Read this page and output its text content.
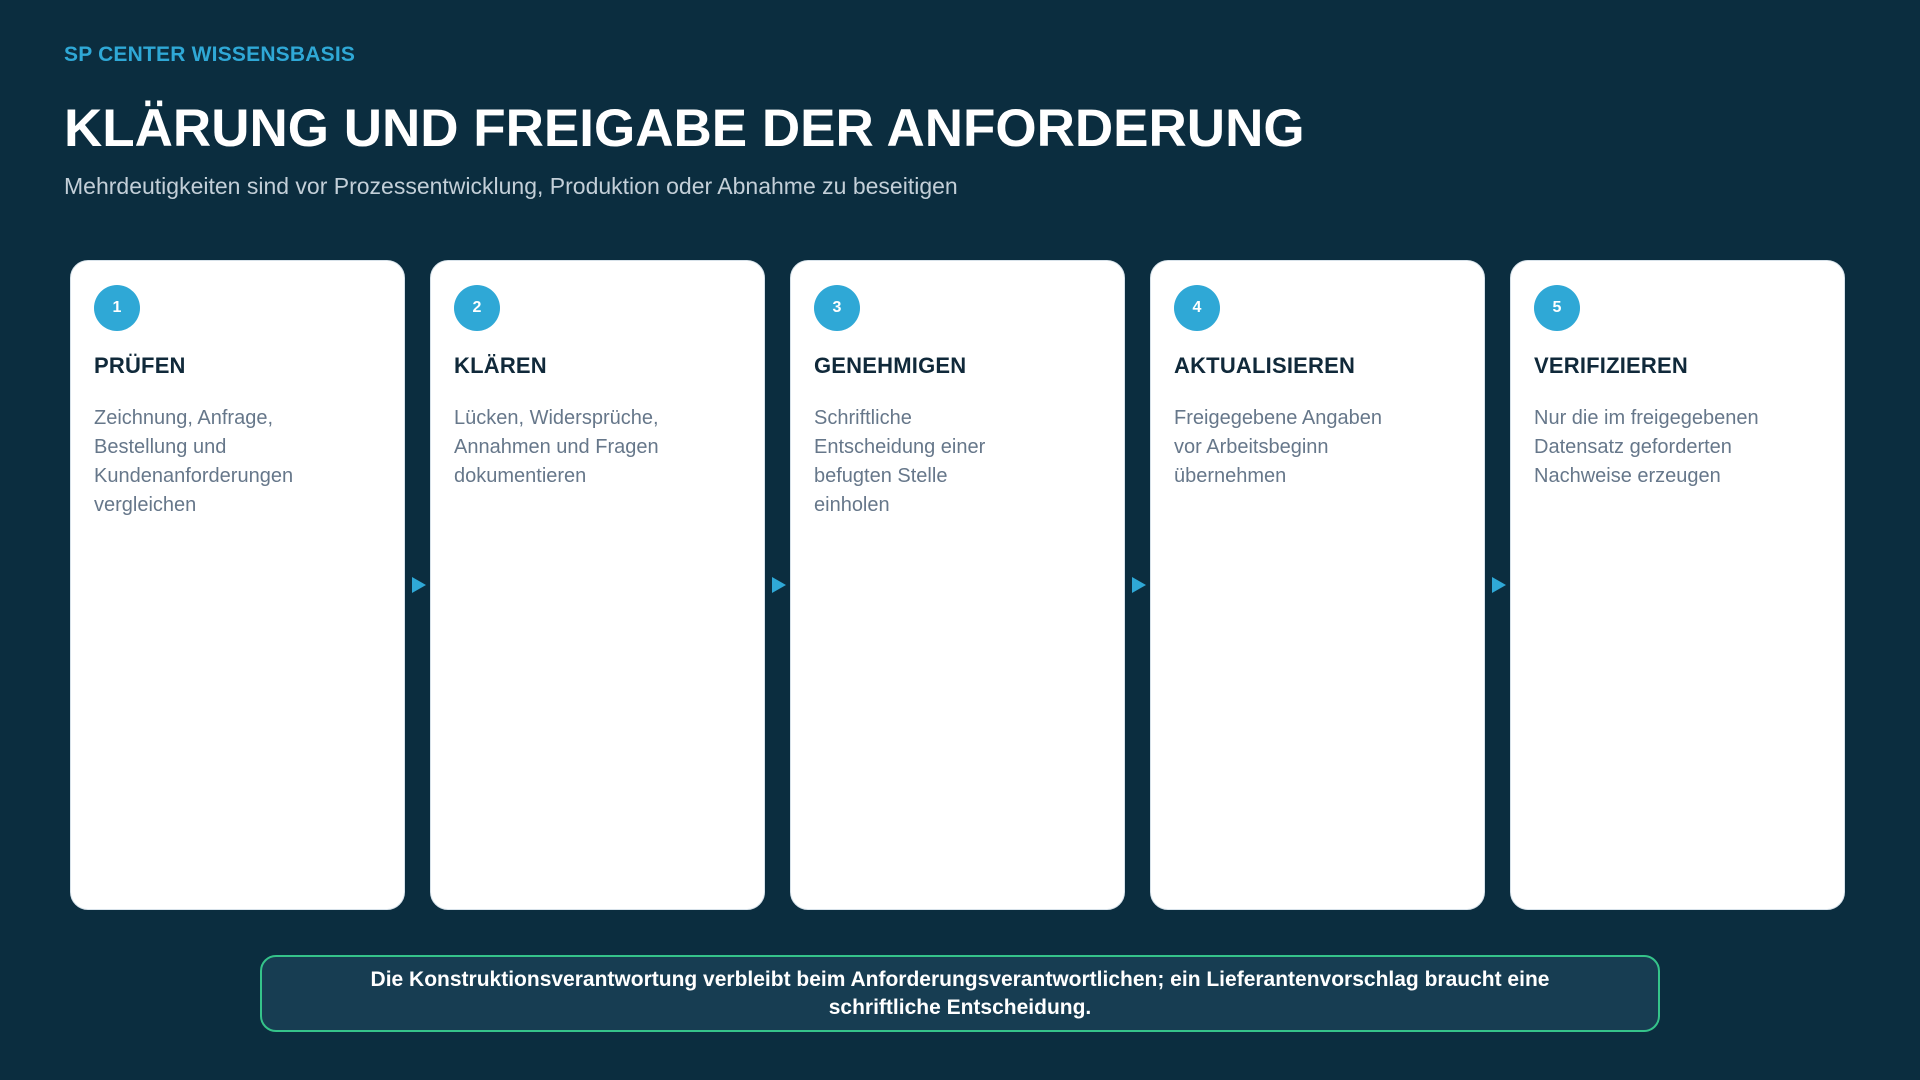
SP CENTER WISSENSBASIS
KLÄRUNG UND FREIGABE DER ANFORDERUNG
Mehrdeutigkeiten sind vor Prozessentwicklung, Produktion oder Abnahme zu beseitigen
1
PRÜFEN
Zeichnung, Anfrage, Bestellung und Kundenanforderungen vergleichen
2
KLÄREN
Lücken, Widersprüche, Annahmen und Fragen dokumentieren
3
GENEHMIGEN
Schriftliche Entscheidung einer befugten Stelle einholen
4
AKTUALISIEREN
Freigegebene Angaben vor Arbeitsbeginn übernehmen
5
VERIFIZIEREN
Nur die im freigegebenen Datensatz geforderten Nachweise erzeugen
Die Konstruktionsverantwortung verbleibt beim Anforderungsverantwortlichen; ein Lieferantenvorschlag braucht eine schriftliche Entscheidung.
